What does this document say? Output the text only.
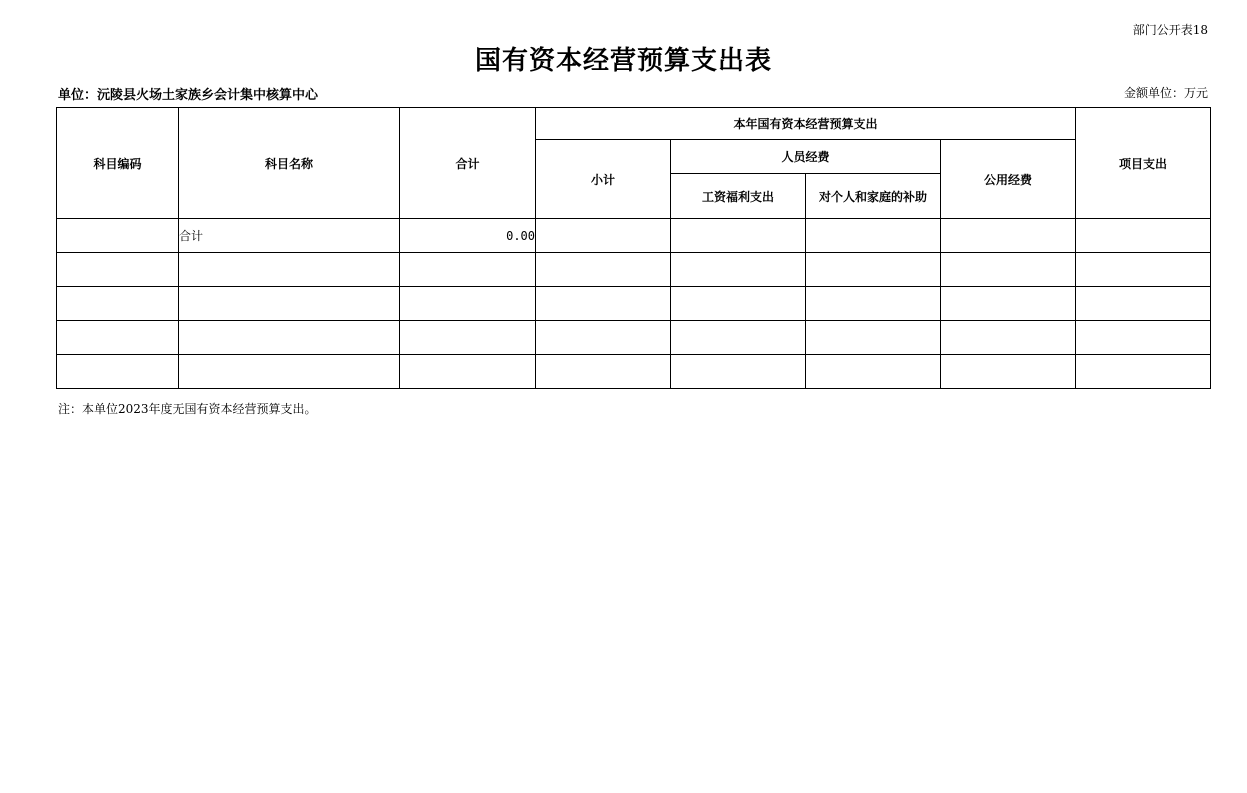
部门公开表18
国有资本经营预算支出表
单位：沅陵县火场土家族乡会计集中核算中心	金额单位：万元
科目编码	科目名称	合计	本年国有资本经营预算支出				项目支出
			小计	人员经费		公用经费	
				工资福利支出	对个人和家庭的补助		
	合计	0.00					

注：本单位2023年度无国有资本经营预算支出。
